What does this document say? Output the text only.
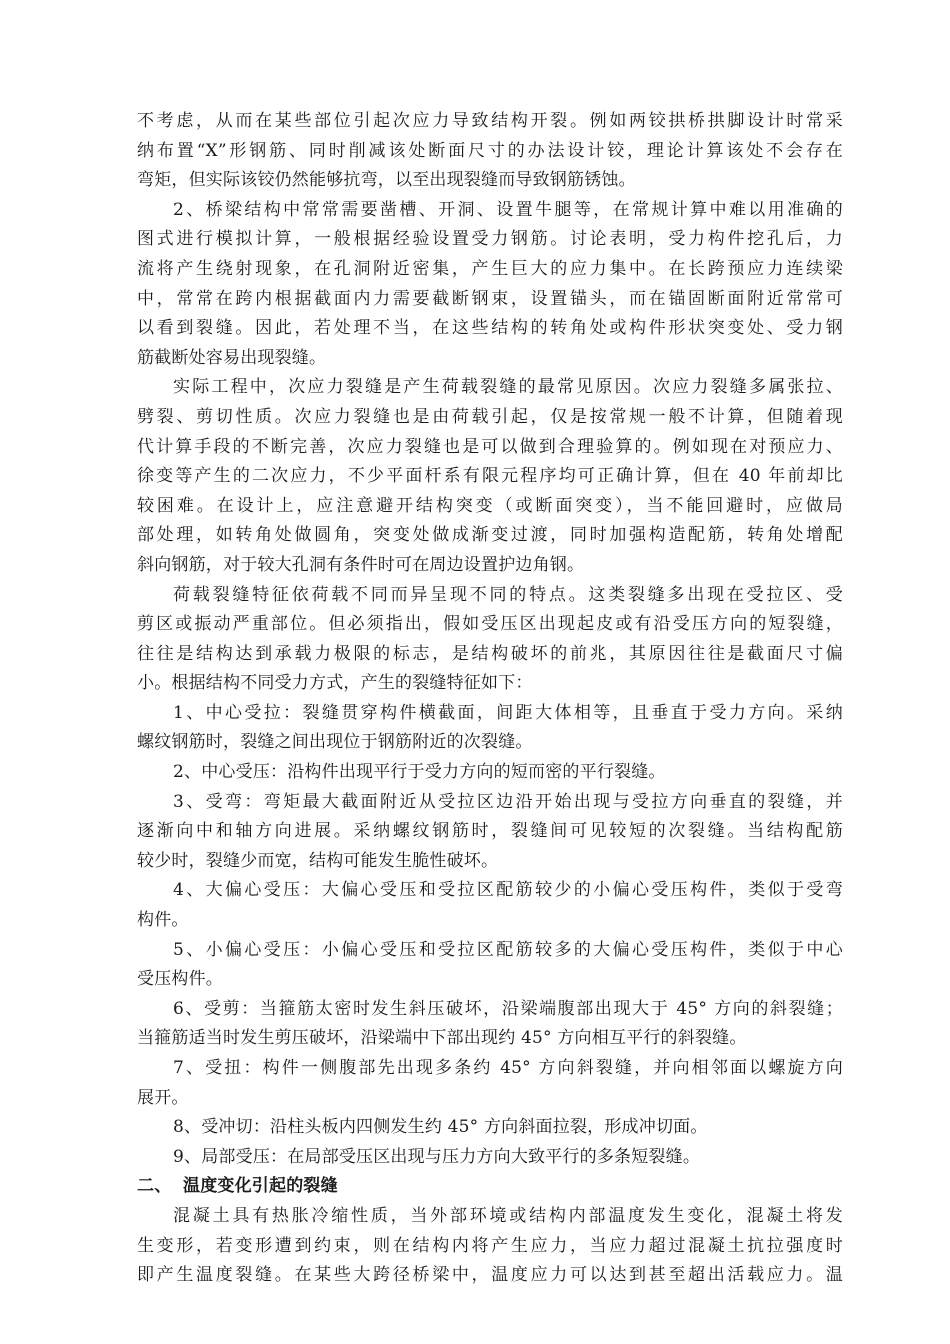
不考虑，从而在某些部位引起次应力导致结构开裂。例如两铰拱桥拱脚设计时常采
纳布置“X”形钢筋、同时削减该处断面尺寸的办法设计铰，理论计算该处不会存在
弯矩，但实际该铰仍然能够抗弯，以至出现裂缝而导致钢筋锈蚀。
2、桥梁结构中常常需要凿槽、开洞、设置牛腿等，在常规计算中难以用准确的
图式进行模拟计算，一般根据经验设置受力钢筋。讨论表明，受力构件挖孔后，力
流将产生绕射现象，在孔洞附近密集，产生巨大的应力集中。在长跨预应力连续梁
中，常常在跨内根据截面内力需要截断钢束，设置锚头，而在锚固断面附近常常可
以看到裂缝。因此，若处理不当，在这些结构的转角处或构件形状突变处、受力钢
筋截断处容易出现裂缝。
实际工程中，次应力裂缝是产生荷载裂缝的最常见原因。次应力裂缝多属张拉、
劈裂、剪切性质。次应力裂缝也是由荷载引起，仅是按常规一般不计算，但随着现
代计算手段的不断完善，次应力裂缝也是可以做到合理验算的。例如现在对预应力、
徐变等产生的二次应力，不少平面杆系有限元程序均可正确计算，但在 40 年前却比
较困难。在设计上，应注意避开结构突变（或断面突变），当不能回避时，应做局
部处理，如转角处做圆角，突变处做成渐变过渡，同时加强构造配筋，转角处增配
斜向钢筋，对于较大孔洞有条件时可在周边设置护边角钢。
荷载裂缝特征依荷载不同而异呈现不同的特点。这类裂缝多出现在受拉区、受
剪区或振动严重部位。但必须指出，假如受压区出现起皮或有沿受压方向的短裂缝，
往往是结构达到承载力极限的标志，是结构破坏的前兆，其原因往往是截面尺寸偏
小。根据结构不同受力方式，产生的裂缝特征如下：
1、中心受拉：裂缝贯穿构件横截面，间距大体相等，且垂直于受力方向。采纳
螺纹钢筋时，裂缝之间出现位于钢筋附近的次裂缝。
2、中心受压：沿构件出现平行于受力方向的短而密的平行裂缝。
3、受弯：弯矩最大截面附近从受拉区边沿开始出现与受拉方向垂直的裂缝，并
逐渐向中和轴方向进展。采纳螺纹钢筋时，裂缝间可见较短的次裂缝。当结构配筋
较少时，裂缝少而宽，结构可能发生脆性破坏。
4、大偏心受压：大偏心受压和受拉区配筋较少的小偏心受压构件，类似于受弯
构件。
5、小偏心受压：小偏心受压和受拉区配筋较多的大偏心受压构件，类似于中心
受压构件。
6、受剪：当箍筋太密时发生斜压破坏，沿梁端腹部出现大于 45° 方向的斜裂缝；
当箍筋适当时发生剪压破坏，沿梁端中下部出现约 45° 方向相互平行的斜裂缝。
7、受扭：构件一侧腹部先出现多条约 45° 方向斜裂缝，并向相邻面以螺旋方向
展开。
8、受冲切：沿柱头板内四侧发生约 45° 方向斜面拉裂，形成冲切面。
9、局部受压：在局部受压区出现与压力方向大致平行的多条短裂缝。
二、 温度变化引起的裂缝
混凝土具有热胀冷缩性质，当外部环境或结构内部温度发生变化，混凝土将发
生变形，若变形遭到约束，则在结构内将产生应力，当应力超过混凝土抗拉强度时
即产生温度裂缝。在某些大跨径桥梁中，温度应力可以达到甚至超出活载应力。温
